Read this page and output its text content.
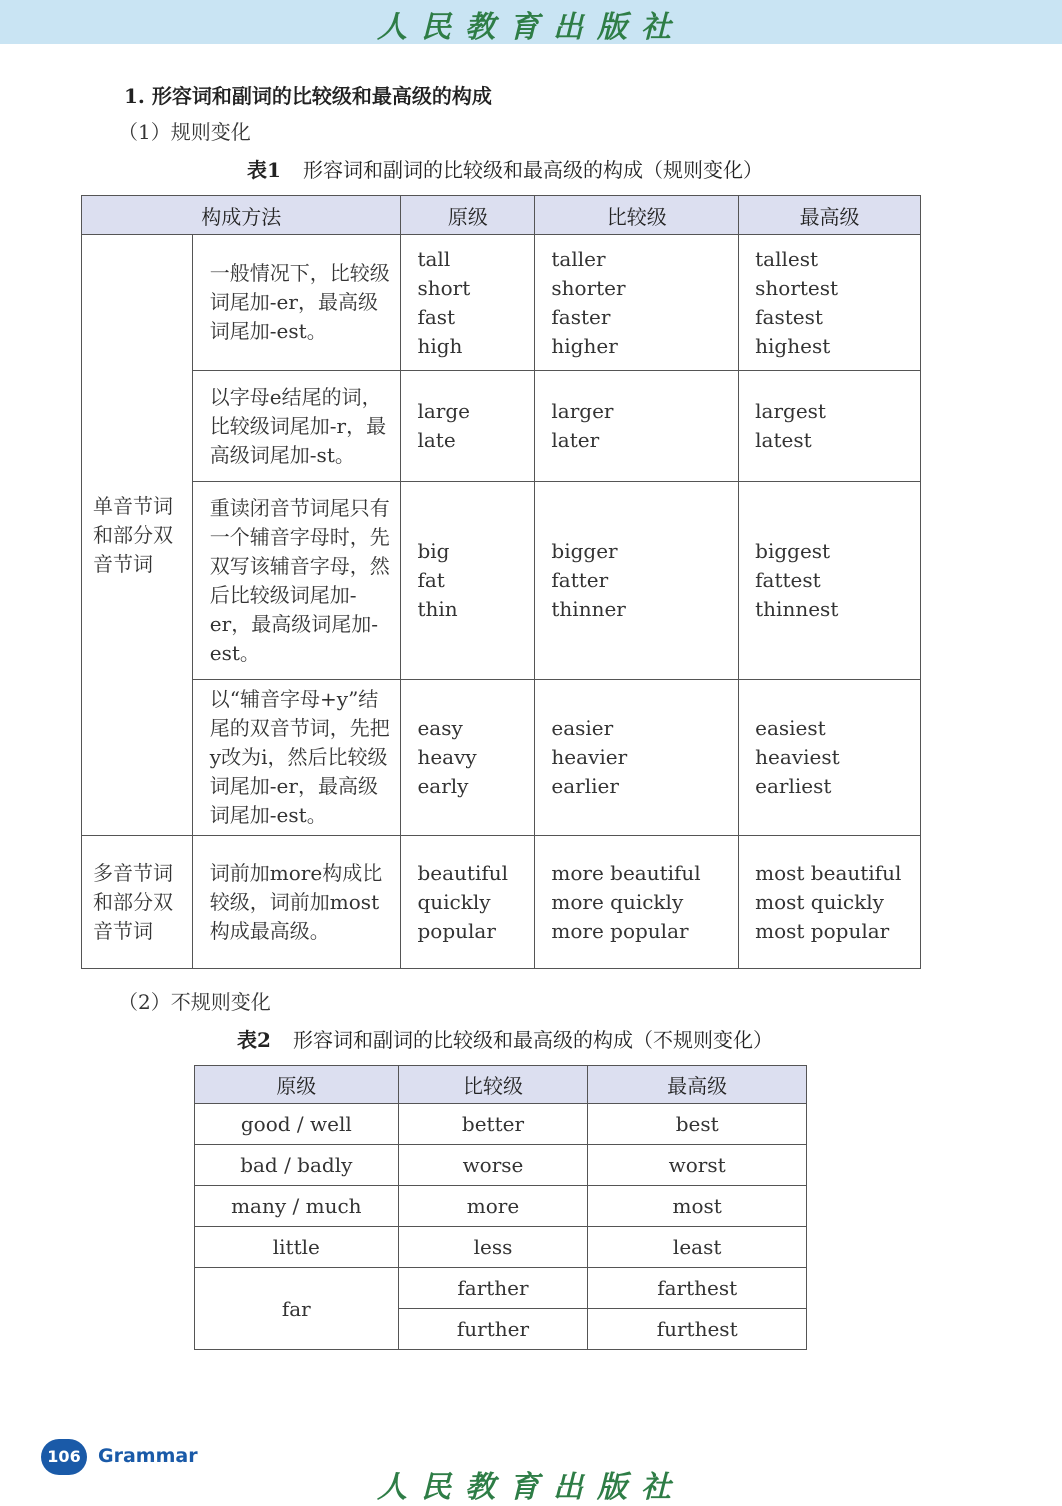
人民教育出版社
1. 形容词和副词的比较级和最高级的构成
（1）规则变化
表1 形容词和副词的比较级和最高级的构成（规则变化）
构成方法		原级	比较级	最高级
单音节词和部分双音节词	一般情况下，比较级词尾加-er，最高级词尾加-est。	tall
short
fast
high	taller
shorter
faster
higher	tallest
shortest
fastest
highest

	以字母e结尾的词，比较级词尾加-r，最高级词尾加-st。	large
late	larger
later	largest
latest

	重读闭音节词尾只有一个辅音字母时，先双写该辅音字母，然后比较级词尾加-er，最高级词尾加-est。	big
fat
thin	bigger
fatter
thinner	biggest
fattest
thinnest

	以“辅音字母+y”结尾的双音节词，先把y改为i，然后比较级词尾加-er，最高级词尾加-est。	easy
heavy
early	easier
heavier
earlier	easiest
heaviest
earliest

多音节词和部分双音节词	词前加more构成比较级，词前加most构成最高级。	beautiful
quickly
popular	more beautiful
more quickly
more popular	most beautiful
most quickly
most popular
（2）不规则变化
表2 形容词和副词的比较级和最高级的构成（不规则变化）
原级	比较级	最高级
good / well	better	best
bad / badly	worse	worst
many / much	more	most
little	less	least
far	farther	farthest
	further	furthest
106 Grammar
人民教育出版社
